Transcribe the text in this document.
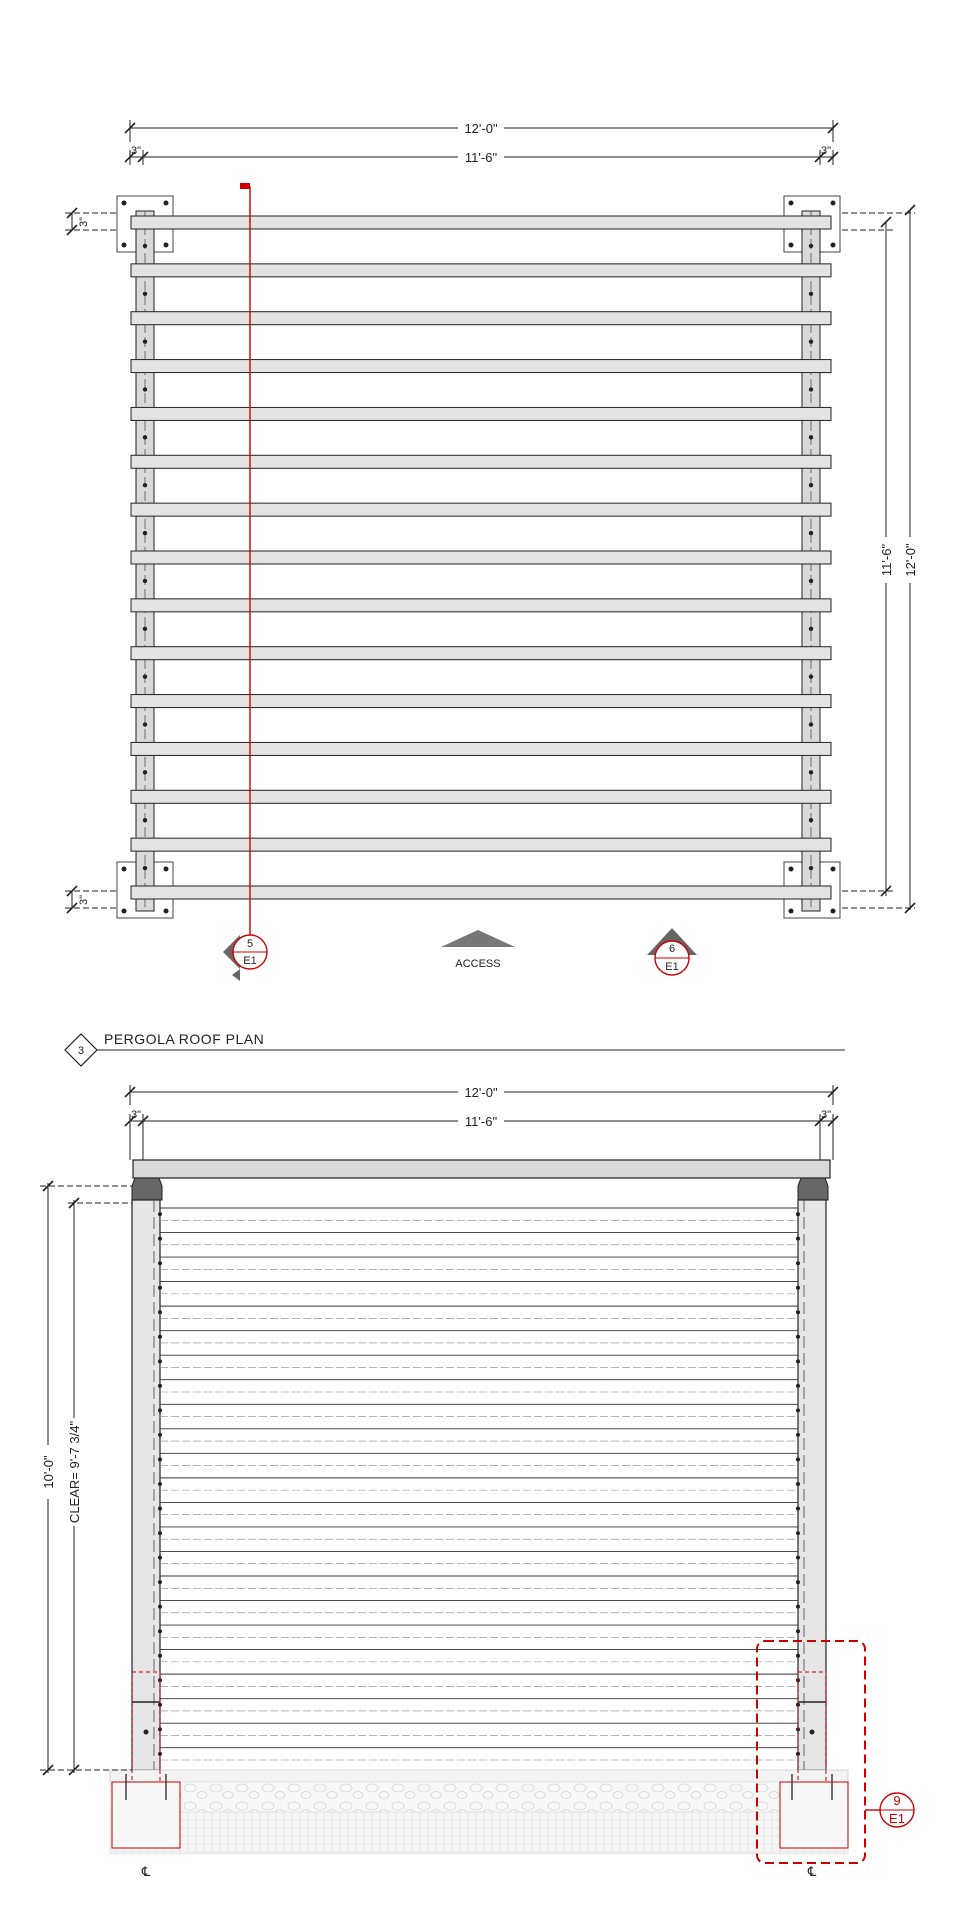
12'-0"
11'-6"
3"	3"
3"
3"
11'-6" 12'-0"
5
E1	ACCESS
6
E1
3
PERGOLA ROOF PLAN
12'-0"
11'-6"
3"	3"
℄	℄
10'-0" CLEAR= 9'-7 3/4"
9
E1
